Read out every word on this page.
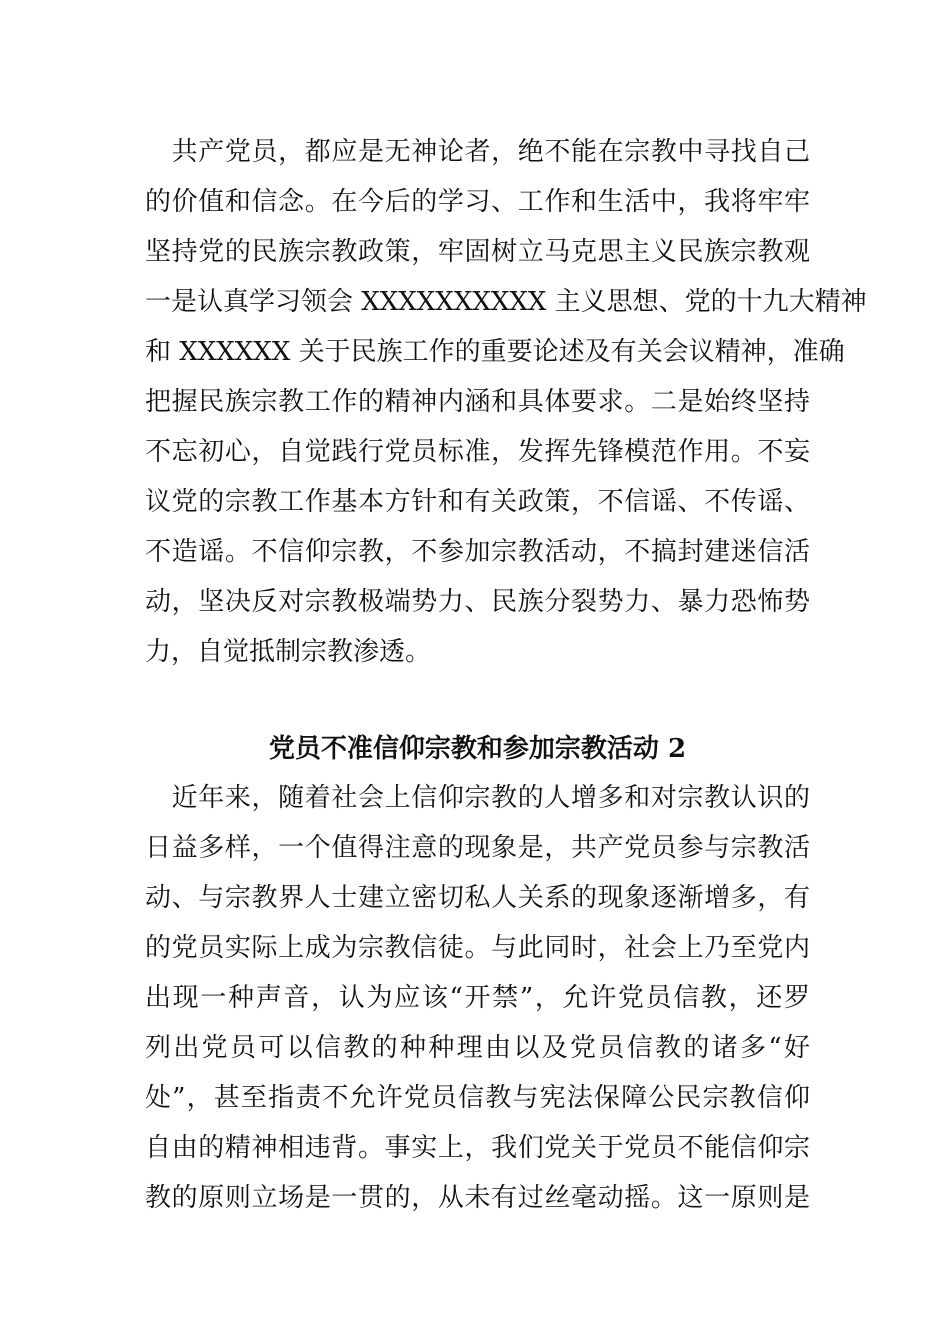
　共产党员，都应是无神论者，绝不能在宗教中寻找自己
的价值和信念。在今后的学习、工作和生活中，我将牢牢
坚持党的民族宗教政策，牢固树立马克思主义民族宗教观
一是认真学习领会 XXXXXXXXXX 主义思想、党的十九大精神
和 XXXXXX 关于民族工作的重要论述及有关会议精神，准确
把握民族宗教工作的精神内涵和具体要求。二是始终坚持
不忘初心，自觉践行党员标准，发挥先锋模范作用。不妄
议党的宗教工作基本方针和有关政策，不信谣、不传谣、
不造谣。不信仰宗教，不参加宗教活动，不搞封建迷信活
动，坚决反对宗教极端势力、民族分裂势力、暴力恐怖势
力，自觉抵制宗教渗透。
党员不准信仰宗教和参加宗教活动 2
　近年来，随着社会上信仰宗教的人增多和对宗教认识的
日益多样，一个值得注意的现象是，共产党员参与宗教活
动、与宗教界人士建立密切私人关系的现象逐渐增多，有
的党员实际上成为宗教信徒。与此同时，社会上乃至党内
出现一种声音，认为应该“开禁”，允许党员信教，还罗
列出党员可以信教的种种理由以及党员信教的诸多“好
处”，甚至指责不允许党员信教与宪法保障公民宗教信仰
自由的精神相违背。事实上，我们党关于党员不能信仰宗
教的原则立场是一贯的，从未有过丝毫动摇。这一原则是
